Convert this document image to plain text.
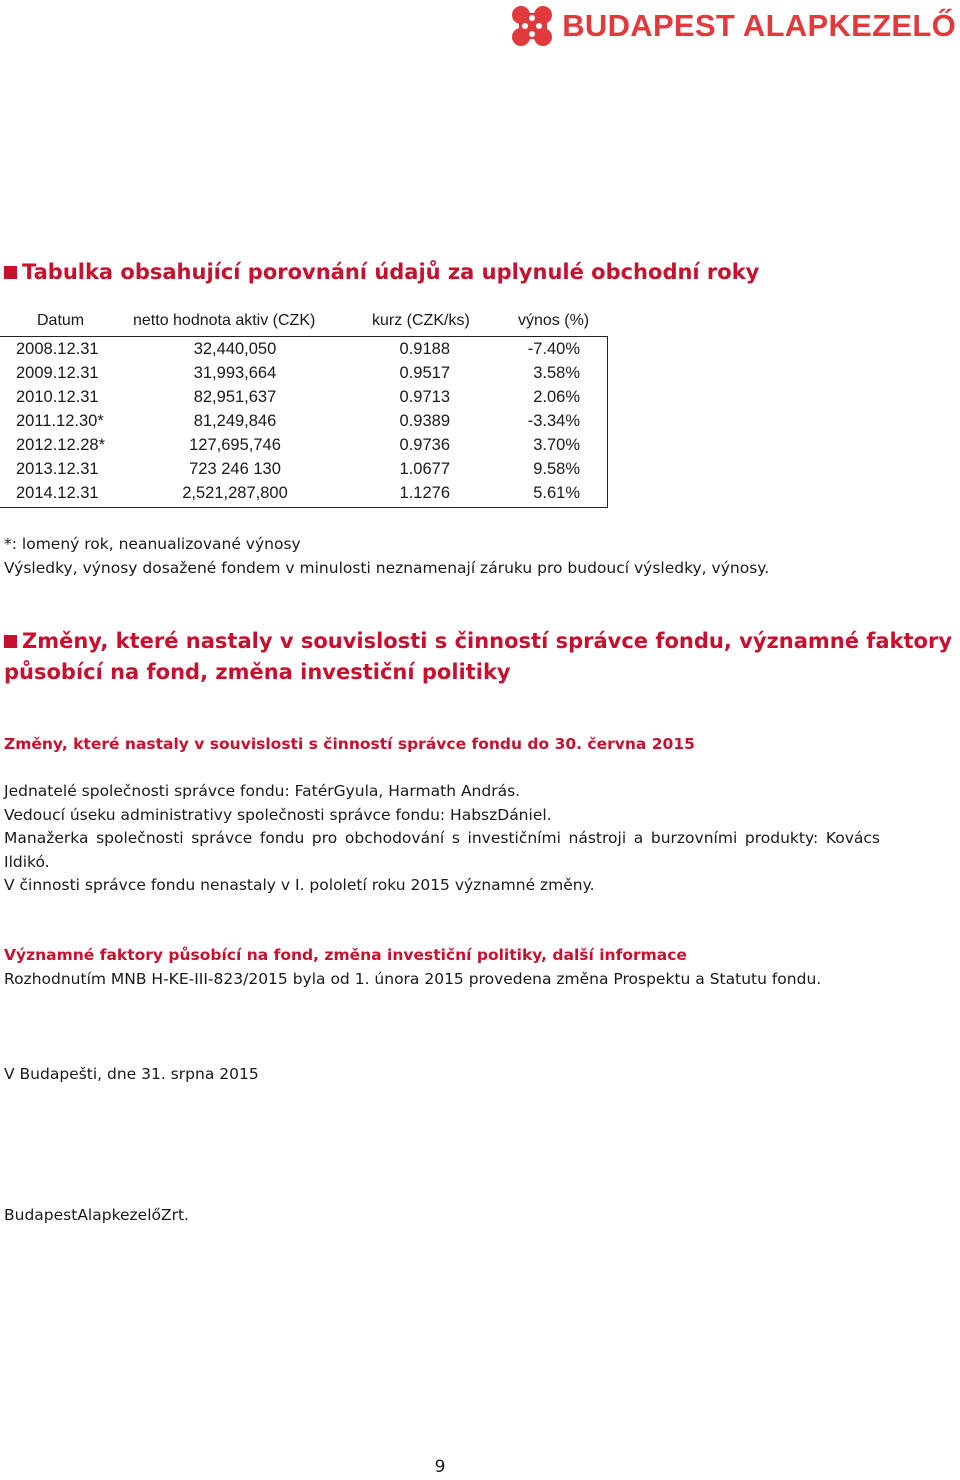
BUDAPEST ALAPKEZELŐ
Tabulka obsahující porovnání údajů za uplynulé obchodní roky
Datum	netto hodnota aktiv (CZK)	kurz (CZK/ks)	výnos (%)
2008.12.31	32,440,050	0.9188	-7.40%
2009.12.31	31,993,664	0.9517	3.58%
2010.12.31	82,951,637	0.9713	2.06%
2011.12.30*	81,249,846	0.9389	-3.34%
2012.12.28*	127,695,746	0.9736	3.70%
2013.12.31	723 246 130	1.0677	9.58%
2014.12.31	2,521,287,800	1.1276	5.61%
*: lomený rok, neanualizované výnosy
Výsledky, výnosy dosažené fondem v minulosti neznamenají záruku pro budoucí výsledky, výnosy.
Změny, které nastaly v souvislosti s činností správce fondu, významné faktory
působící na fond, změna investiční politiky
Změny, které nastaly v souvislosti s činností správce fondu do 30. června 2015
Jednatelé společnosti správce fondu: FatérGyula, Harmath András.
Vedoucí úseku administrativy společnosti správce fondu: HabszDániel.
Manažerka společnosti správce fondu pro obchodování s investičními nástroji a burzovními produkty: Kovács Ildikó.
V činnosti správce fondu nenastaly v I. pololetí roku 2015 významné změny.
Významné faktory působící na fond, změna investiční politiky, další informace
Rozhodnutím MNB H-KE-III-823/2015 byla od 1. února 2015 provedena změna Prospektu a Statutu fondu.
V Budapešti, dne 31. srpna 2015
BudapestAlapkezelőZrt.
9
